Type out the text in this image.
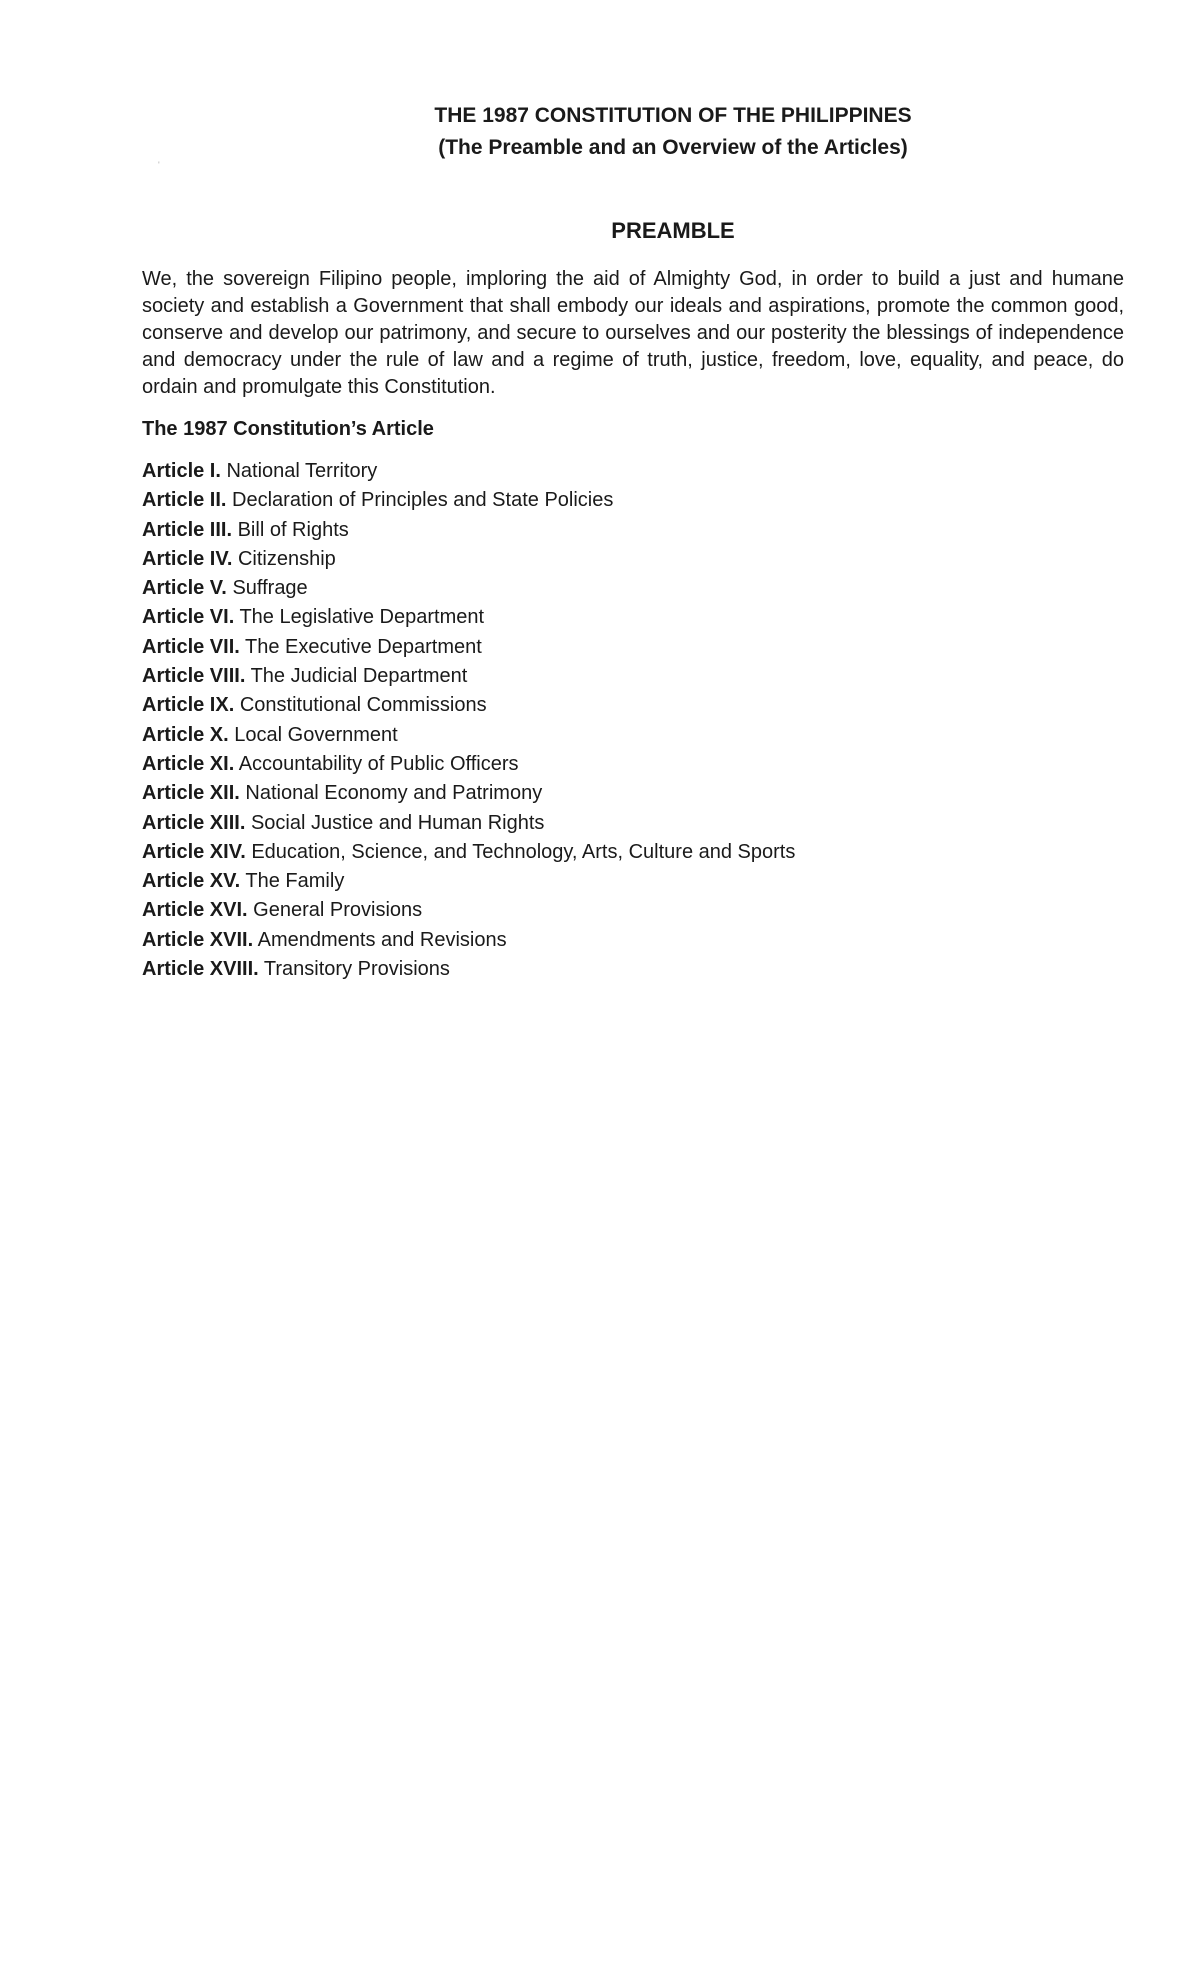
'

THE 1987 CONSTITUTION OF THE PHILIPPINES

(The Preamble and an Overview of the Articles)

PREAMBLE

We, the sovereign Filipino people, imploring the aid of Almighty God, in order to build a just and humane society and establish a Government that shall embody our ideals and aspirations, promote the common good, conserve and develop our patrimony, and secure to ourselves and our posterity the blessings of independence and democracy under the rule of law and a regime of truth, justice, freedom, love, equality, and peace, do ordain and promulgate this Constitution.

The 1987 Constitution’s Article
Article I. National Territory
Article II. Declaration of Principles and State Policies
Article III. Bill of Rights
Article IV. Citizenship
Article V. Suffrage
Article VI. The Legislative Department
Article VII. The Executive Department
Article VIII. The Judicial Department
Article IX. Constitutional Commissions
Article X. Local Government
Article XI. Accountability of Public Officers
Article XII. National Economy and Patrimony
Article XIII. Social Justice and Human Rights
Article XIV. Education, Science, and Technology, Arts, Culture and Sports
Article XV. The Family
Article XVI. General Provisions
Article XVII. Amendments and Revisions
Article XVIII. Transitory Provisions
